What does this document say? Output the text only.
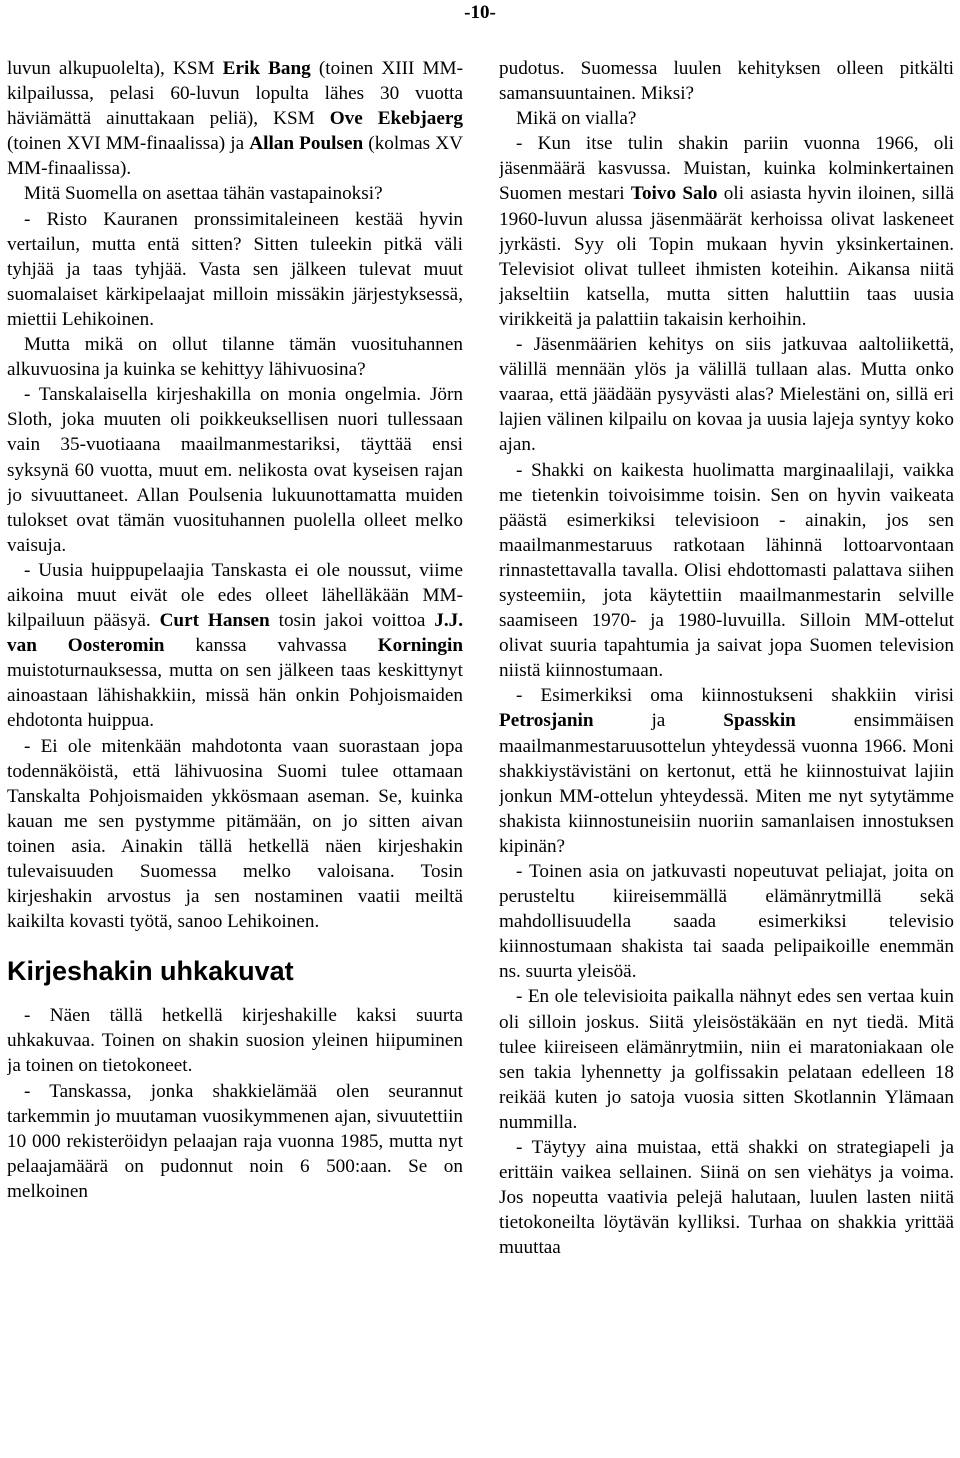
-10-

luvun alkupuolelta), KSM Erik Bang (toinen XIII MM-kilpailussa, pelasi 60-luvun lopulta lähes 30 vuotta häviämättä ainuttakaan peliä), KSM Ove Ekebjaerg (toinen XVI MM-finaalissa) ja Allan Poulsen (kolmas XV MM-finaalissa).

Mitä Suomella on asettaa tähän vastapainoksi?

- Risto Kauranen pronssimitaleineen kestää hyvin vertailun, mutta entä sitten? Sitten tuleekin pitkä väli tyhjää ja taas tyhjää. Vasta sen jälkeen tulevat muut suomalaiset kärkipelaajat milloin missäkin järjestyksessä, miettii Lehikoinen.

Mutta mikä on ollut tilanne tämän vuosituhannen alkuvuosina ja kuinka se kehittyy lähivuosina?

- Tanskalaisella kirjeshakilla on monia ongelmia. Jörn Sloth, joka muuten oli poikkeuksellisen nuori tullessaan vain 35-vuotiaana maailmanmestariksi, täyttää ensi syksynä 60 vuotta, muut em. nelikosta ovat kyseisen rajan jo sivuuttaneet. Allan Poulsenia lukuunottamatta muiden tulokset ovat tämän vuosituhannen puolella olleet melko vaisuja.

- Uusia huippupelaajia Tanskasta ei ole noussut, viime aikoina muut eivät ole edes olleet lähelläkään MM-kilpailuun pääsyä. Curt Hansen tosin jakoi voittoa J.J. van Oosteromin kanssa vahvassa Korningin muistoturnauksessa, mutta on sen jälkeen taas keskittynyt ainoastaan lähishakkiin, missä hän onkin Pohjoismaiden ehdotonta huippua.

- Ei ole mitenkään mahdotonta vaan suorastaan jopa todennäköistä, että lähivuosina Suomi tulee ottamaan Tanskalta Pohjoismaiden ykkösmaan aseman. Se, kuinka kauan me sen pystymme pitämään, on jo sitten aivan toinen asia. Ainakin tällä hetkellä näen kirjeshakin tulevaisuuden Suomessa melko valoisana. Tosin kirjeshakin arvostus ja sen nostaminen vaatii meiltä kaikilta kovasti työtä, sanoo Lehikoinen.

Kirjeshakin uhkakuvat

- Näen tällä hetkellä kirjeshakille kaksi suurta uhkakuvaa. Toinen on shakin suosion yleinen hiipuminen ja toinen on tietokoneet.

- Tanskassa, jonka shakkielämää olen seurannut tarkemmin jo muutaman vuosikymmenen ajan, sivuutettiin 10 000 rekisteröidyn pelaajan raja vuonna 1985, mutta nyt pelaajamäärä on pudonnut noin 6 500:aan. Se on melkoinen

pudotus. Suomessa luulen kehityksen olleen pitkälti samansuuntainen. Miksi?

Mikä on vialla?

- Kun itse tulin shakin pariin vuonna 1966, oli jäsenmäärä kasvussa. Muistan, kuinka kolminkertainen Suomen mestari Toivo Salo oli asiasta hyvin iloinen, sillä 1960-luvun alussa jäsenmäärät kerhoissa olivat laskeneet jyrkästi. Syy oli Topin mukaan hyvin yksinkertainen. Televisiot olivat tulleet ihmisten koteihin. Aikansa niitä jakseltiin katsella, mutta sitten haluttiin taas uusia virikkeitä ja palattiin takaisin kerhoihin.

- Jäsenmäärien kehitys on siis jatkuvaa aaltoliikettä, välillä mennään ylös ja välillä tullaan alas. Mutta onko vaaraa, että jäädään pysyvästi alas? Mielestäni on, sillä eri lajien välinen kilpailu on kovaa ja uusia lajeja syntyy koko ajan.

- Shakki on kaikesta huolimatta marginaalilaji, vaikka me tietenkin toivoisimme toisin. Sen on hyvin vaikeata päästä esimerkiksi televisioon - ainakin, jos sen maailmanmestaruus ratkotaan lähinnä lottoarvontaan rinnastettavalla tavalla. Olisi ehdottomasti palattava siihen systeemiin, jota käytettiin maailmanmestarin selville saamiseen 1970- ja 1980-luvuilla. Silloin MM-ottelut olivat suuria tapahtumia ja saivat jopa Suomen television niistä kiinnostumaan.

- Esimerkiksi oma kiinnostukseni shakkiin virisi Petrosjanin ja Spasskin ensimmäisen maailmanmestaruusottelun yhteydessä vuonna 1966. Moni shakkiystävistäni on kertonut, että he kiinnostuivat lajiin jonkun MM-ottelun yhteydessä. Miten me nyt sytytämme shakista kiinnostuneisiin nuoriin samanlaisen innostuksen kipinän?

- Toinen asia on jatkuvasti nopeutuvat peliajat, joita on perusteltu kiireisemmällä elämänrytmillä sekä mahdollisuudella saada esimerkiksi televisio kiinnostumaan shakista tai saada pelipaikoille enemmän ns. suurta yleisöä.

- En ole televisioita paikalla nähnyt edes sen vertaa kuin oli silloin joskus. Siitä yleisöstäkään en nyt tiedä. Mitä tulee kiireiseen elämänrytmiin, niin ei maratoniakaan ole sen takia lyhennetty ja golfissakin pelataan edelleen 18 reikää kuten jo satoja vuosia sitten Skotlannin Ylämaan nummilla.

- Täytyy aina muistaa, että shakki on strategiapeli ja erittäin vaikea sellainen. Siinä on sen viehätys ja voima. Jos nopeutta vaativia pelejä halutaan, luulen lasten niitä tietokoneilta löytävän kylliksi. Turhaa on shakkia yrittää muuttaa
